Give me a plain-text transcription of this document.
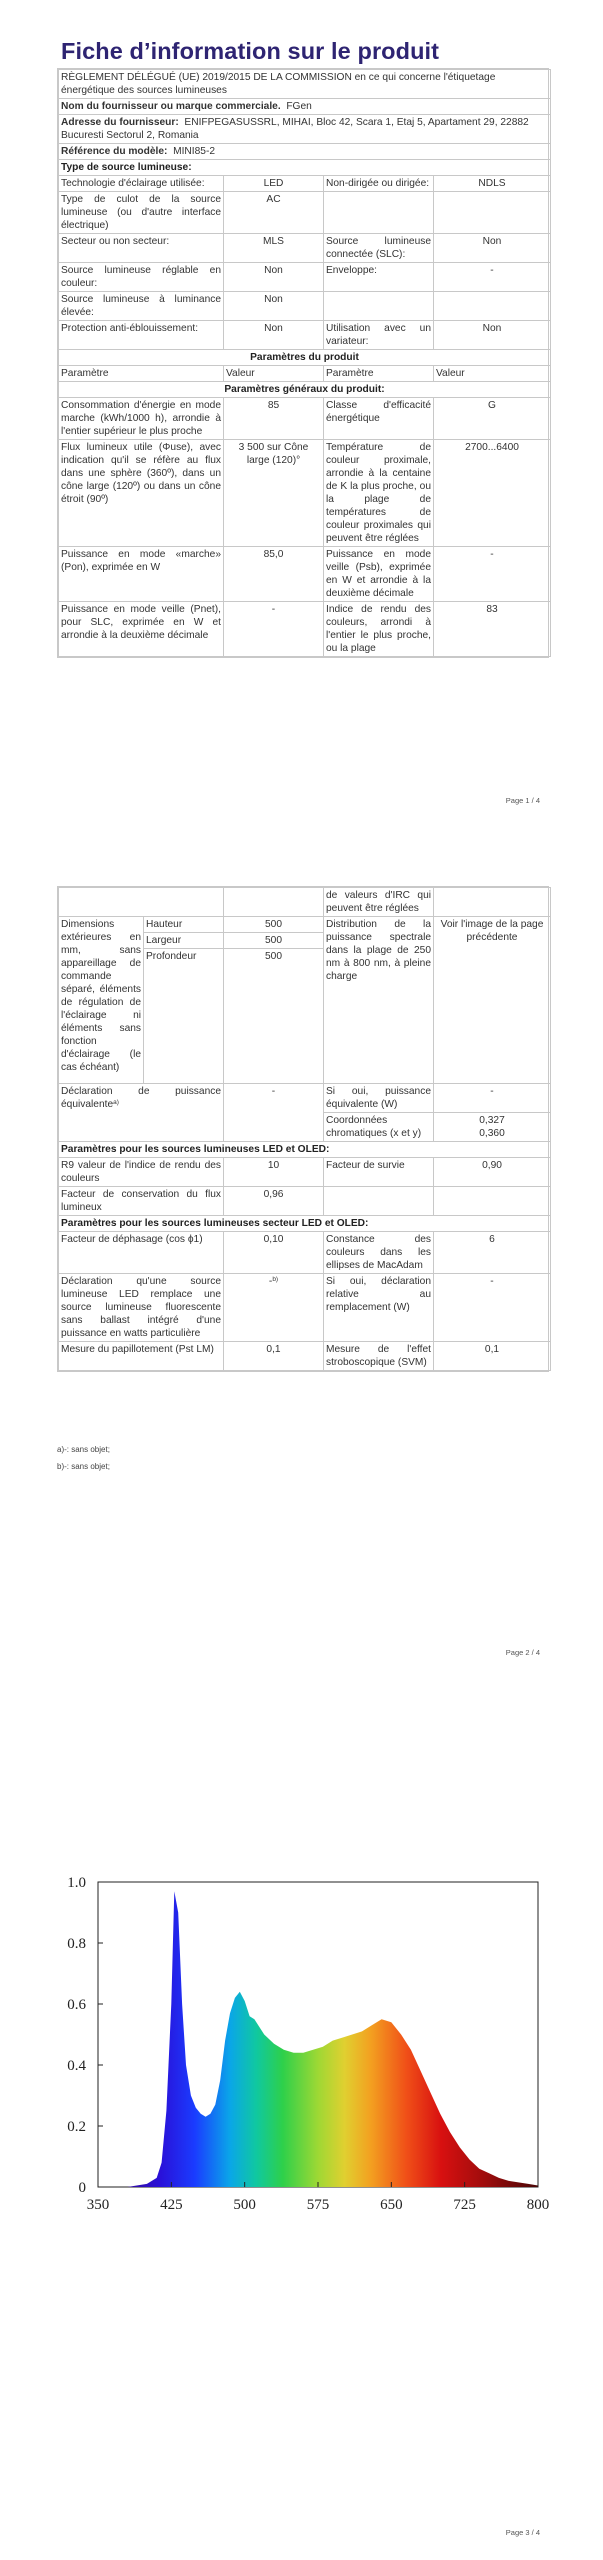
Fiche d’information sur le produit
RÈGLEMENT DÉLÉGUÉ (UE) 2019/2015 DE LA COMMISSION en ce qui concerne l'étiquetage énergétique des sources lumineuses			
Nom du fournisseur ou marque commerciale. FGen			
Adresse du fournisseur: ENIFPEGASUSSRL, MIHAI, Bloc 42, Scara 1, Etaj 5, Apartament 29, 22882 Bucuresti Sectorul 2, Romania			
Référence du modèle: MINI85-2			
Type de source lumineuse:			
Technologie d'éclairage utilisée:	LED	Non-dirigée ou dirigée:	NDLS
Type de culot de la source lumineuse (ou d'autre interface électrique)	AC		
Secteur ou non secteur:	MLS	Source lumineuse connectée (SLC):	Non
Source lumineuse réglable en couleur:	Non	Enveloppe:	-
Source lumineuse à luminance élevée:	Non		
Protection anti-éblouissement:	Non	Utilisation avec un variateur:	Non
Paramètres du produit			
Paramètre	Valeur	Paramètre	Valeur
Paramètres généraux du produit:			
Consommation d'énergie en mode marche (kWh/1000 h), arrondie à l'entier supérieur le plus proche	85	Classe d'efficacité énergétique	G
Flux lumineux utile (Φuse), avec indication qu'il se réfère au flux dans une sphère (360º), dans un cône large (120º) ou dans un cône étroit (90º)	3 500 sur Cône large (120)°	Température de couleur proximale, arrondie à la centaine de K la plus proche, ou la plage de températures de couleur proximales qui peuvent être réglées	2700...6400
Puissance en mode «marche» (Pon), exprimée en W	85,0	Puissance en mode veille (Psb), exprimée en W et arrondie à la deuxième décimale	-
Puissance en mode veille (Pnet), pour SLC, exprimée en W et arrondie à la deuxième décimale	-	Indice de rendu des couleurs, arrondi à l'entier le plus proche, ou la plage	83
Page 1 / 4
			de valeurs d'IRC qui peuvent être réglées	
Dimensions extérieures en mm, sans appareillage de commande séparé, éléments de régulation de l'éclairage ni éléments sans fonction d'éclairage (le cas échéant)	Hauteur	500	Distribution de la puissance spectrale dans la plage de 250 nm à 800 nm, à pleine charge	Voir l'image de la page précédente
	Largeur	500		
	Profondeur	500		
Déclaration de puissance équivalente$^{a)}$		-	Si oui, puissance équivalente (W)	-
			Coordonnées chromatiques (x et y)	0,327
0,360

Paramètres pour les sources lumineuses LED et OLED:				
R9 valeur de l'indice de rendu des couleurs		10	Facteur de survie	0,90
Facteur de conservation du flux lumineux		0,96		
Paramètres pour les sources lumineuses secteur LED et OLED:				
Facteur de déphasage (cos ϕ1)		0,10	Constance des couleurs dans les ellipses de MacAdam	6
Déclaration qu'une source lumineuse LED remplace une source lumineuse fluorescente sans ballast intégré d'une puissance en watts particulière		-$^{b)}$	Si oui, déclaration relative au remplacement (W)	-
Mesure du papillotement (Pst LM)		0,1	Mesure de l'effet stroboscopique (SVM)	0,1
a)-: sans objet;
b)-: sans objet;
Page 2 / 4
350	425	500	575	650	725	800
0
0.2
0.4
0.6
0.8
1.0
Page 3 / 4
